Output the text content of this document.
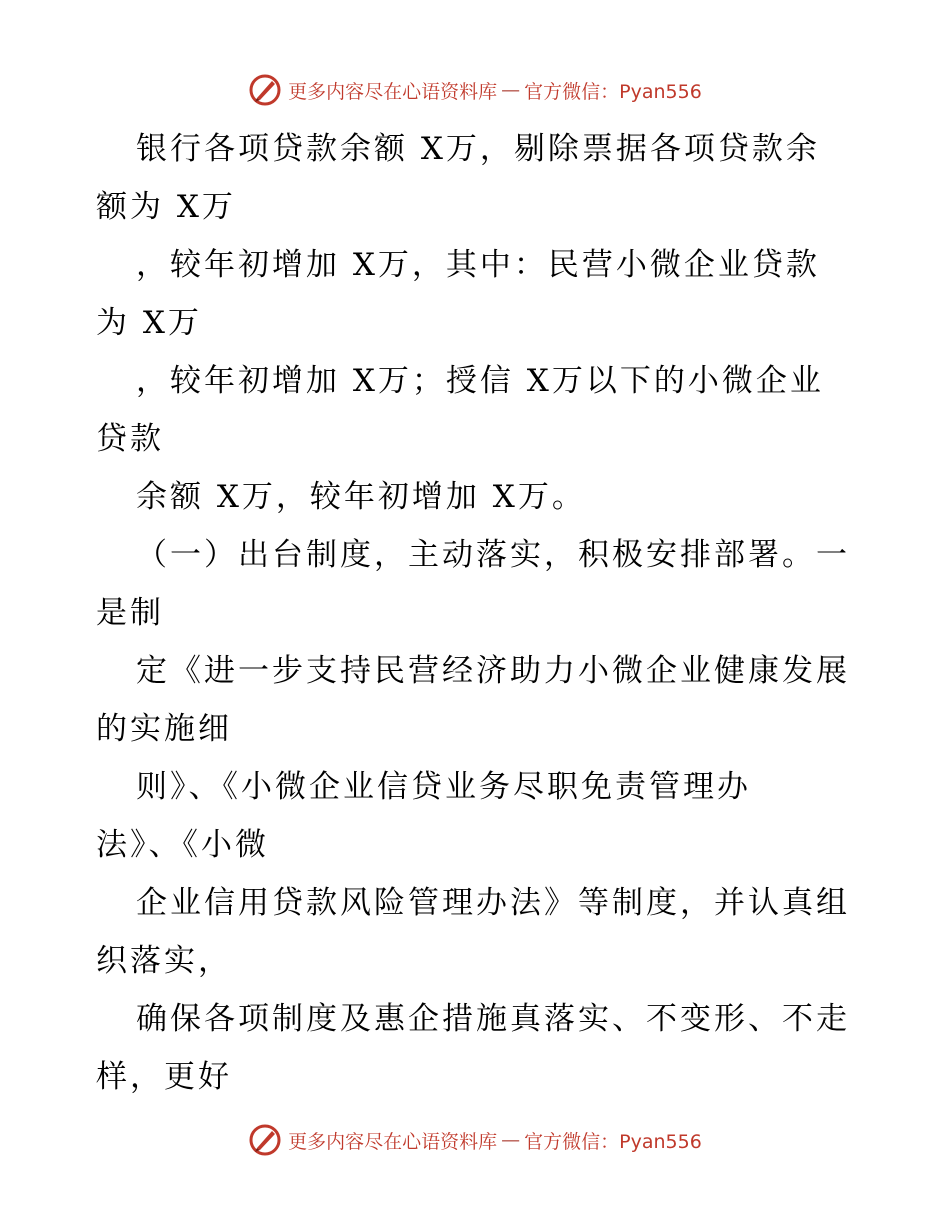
更多内容尽在心语资料库 — 官方微信：Pyan556
银行各项贷款余额 X万，剔除票据各项贷款余
额为 X万
，较年初增加 X万，其中：民营小微企业贷款
为 X万
，较年初增加 X万；授信 X万以下的小微企业
贷款
余额 X万，较年初增加 X万。
（一）出台制度，主动落实，积极安排部署。一
是制
定《进一步支持民营经济助力小微企业健康发展
的实施细
则》、《小微企业信贷业务尽职免责管理办
法》、《小微
企业信用贷款风险管理办法》等制度，并认真组
织落实，
确保各项制度及惠企措施真落实、不变形、不走
样，更好
更多内容尽在心语资料库 — 官方微信：Pyan556
